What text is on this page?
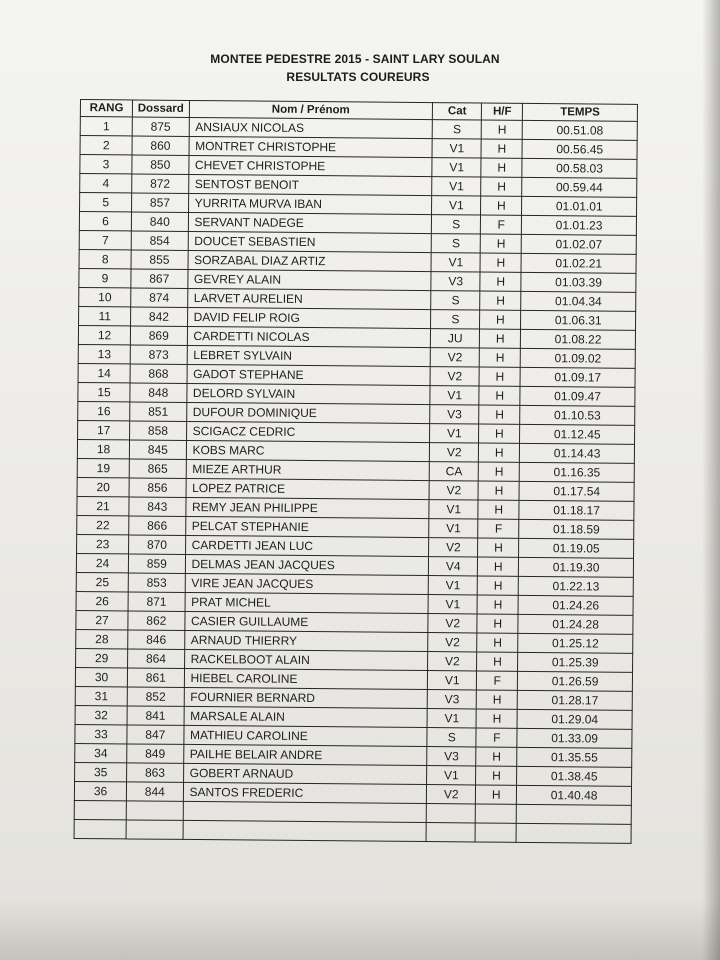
MONTEE PEDESTRE 2015 - SAINT LARY SOULAN
RESULTATS COUREURS
RANG	Dossard	Nom / Prénom	Cat	H/F	TEMPS
1	875	ANSIAUX NICOLAS	S	H	00.51.08
2	860	MONTRET CHRISTOPHE	V1	H	00.56.45
3	850	CHEVET CHRISTOPHE	V1	H	00.58.03
4	872	SENTOST BENOIT	V1	H	00.59.44
5	857	YURRITA MURVA IBAN	V1	H	01.01.01
6	840	SERVANT NADEGE	S	F	01.01.23
7	854	DOUCET SEBASTIEN	S	H	01.02.07
8	855	SORZABAL DIAZ ARTIZ	V1	H	01.02.21
9	867	GEVREY ALAIN	V3	H	01.03.39
10	874	LARVET AURELIEN	S	H	01.04.34
11	842	DAVID FELIP ROIG	S	H	01.06.31
12	869	CARDETTI NICOLAS	JU	H	01.08.22
13	873	LEBRET SYLVAIN	V2	H	01.09.02
14	868	GADOT STEPHANE	V2	H	01.09.17
15	848	DELORD SYLVAIN	V1	H	01.09.47
16	851	DUFOUR DOMINIQUE	V3	H	01.10.53
17	858	SCIGACZ CEDRIC	V1	H	01.12.45
18	845	KOBS MARC	V2	H	01.14.43
19	865	MIEZE ARTHUR	CA	H	01.16.35
20	856	LOPEZ PATRICE	V2	H	01.17.54
21	843	REMY JEAN PHILIPPE	V1	H	01.18.17
22	866	PELCAT STEPHANIE	V1	F	01.18.59
23	870	CARDETTI JEAN LUC	V2	H	01.19.05
24	859	DELMAS JEAN JACQUES	V4	H	01.19.30
25	853	VIRE JEAN JACQUES	V1	H	01.22.13
26	871	PRAT MICHEL	V1	H	01.24.26
27	862	CASIER GUILLAUME	V2	H	01.24.28
28	846	ARNAUD THIERRY	V2	H	01.25.12
29	864	RACKELBOOT ALAIN	V2	H	01.25.39
30	861	HIEBEL CAROLINE	V1	F	01.26.59
31	852	FOURNIER BERNARD	V3	H	01.28.17
32	841	MARSALE ALAIN	V1	H	01.29.04
33	847	MATHIEU CAROLINE	S	F	01.33.09
34	849	PAILHE BELAIR ANDRE	V3	H	01.35.55
35	863	GOBERT ARNAUD	V1	H	01.38.45
36	844	SANTOS FREDERIC	V2	H	01.40.48
